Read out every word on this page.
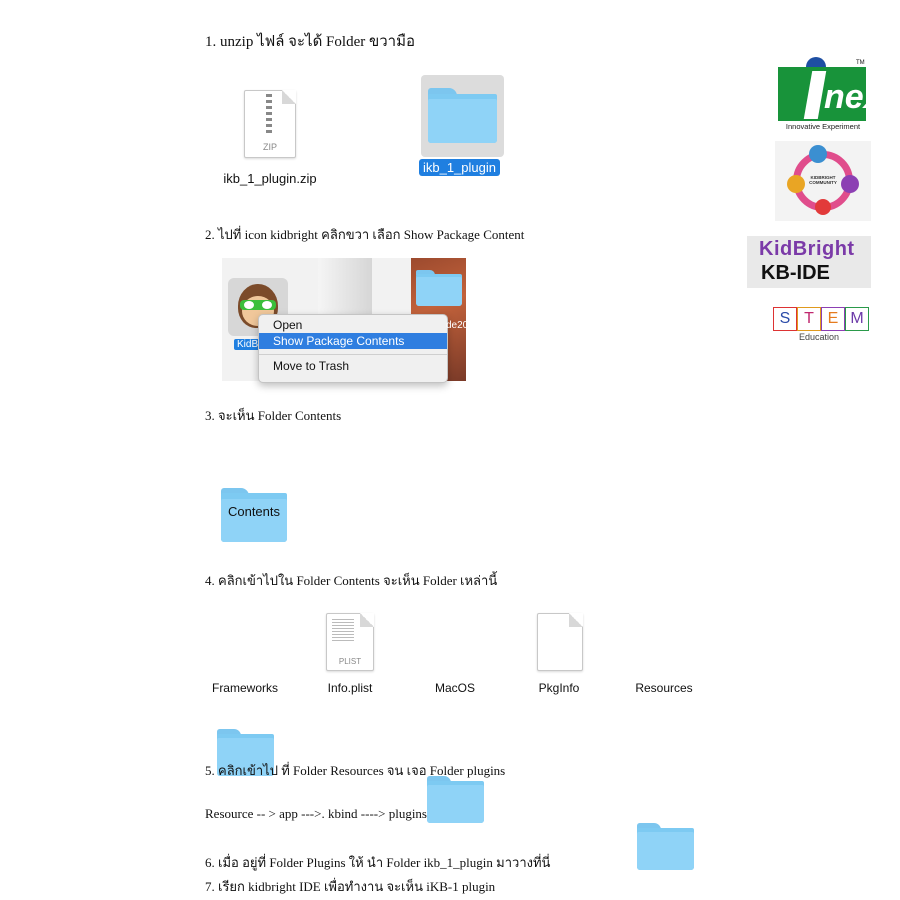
1. unzip ไฟล์ จะได้ Folder ขวามือ
ZIP
ikb_1_plugin.zip
ikb_1_plugin
2. ไปที่ icon kidbright คลิกขวา เลือก Show Package Content
KidB
Open
Show Package Contents
Move to Trash
de20
3. จะเห็น Folder Contents
Contents
4. คลิกเข้าไปใน Folder Contents จะเห็น Folder เหล่านี้
Frameworks
PLIST
Info.plist	MacOS	PkgInfo	Resources
5. คลิกเข้าไป ที่ Folder Resources จน เจอ Folder plugins
Resource -- > app --->. kbind ----> plugins
6. เมื่อ อยู่ที่ Folder Plugins ให้ นำ Folder ikb_1_plugin มาวางที่นี่
7. เรียก kidbright IDE เพื่อทำงาน จะเห็น iKB-1 plugin
nex
TM
Innovative Experiment
KIDBRIGHT COMMUNITY
KidBright
KB-IDE
S T E M
Education
